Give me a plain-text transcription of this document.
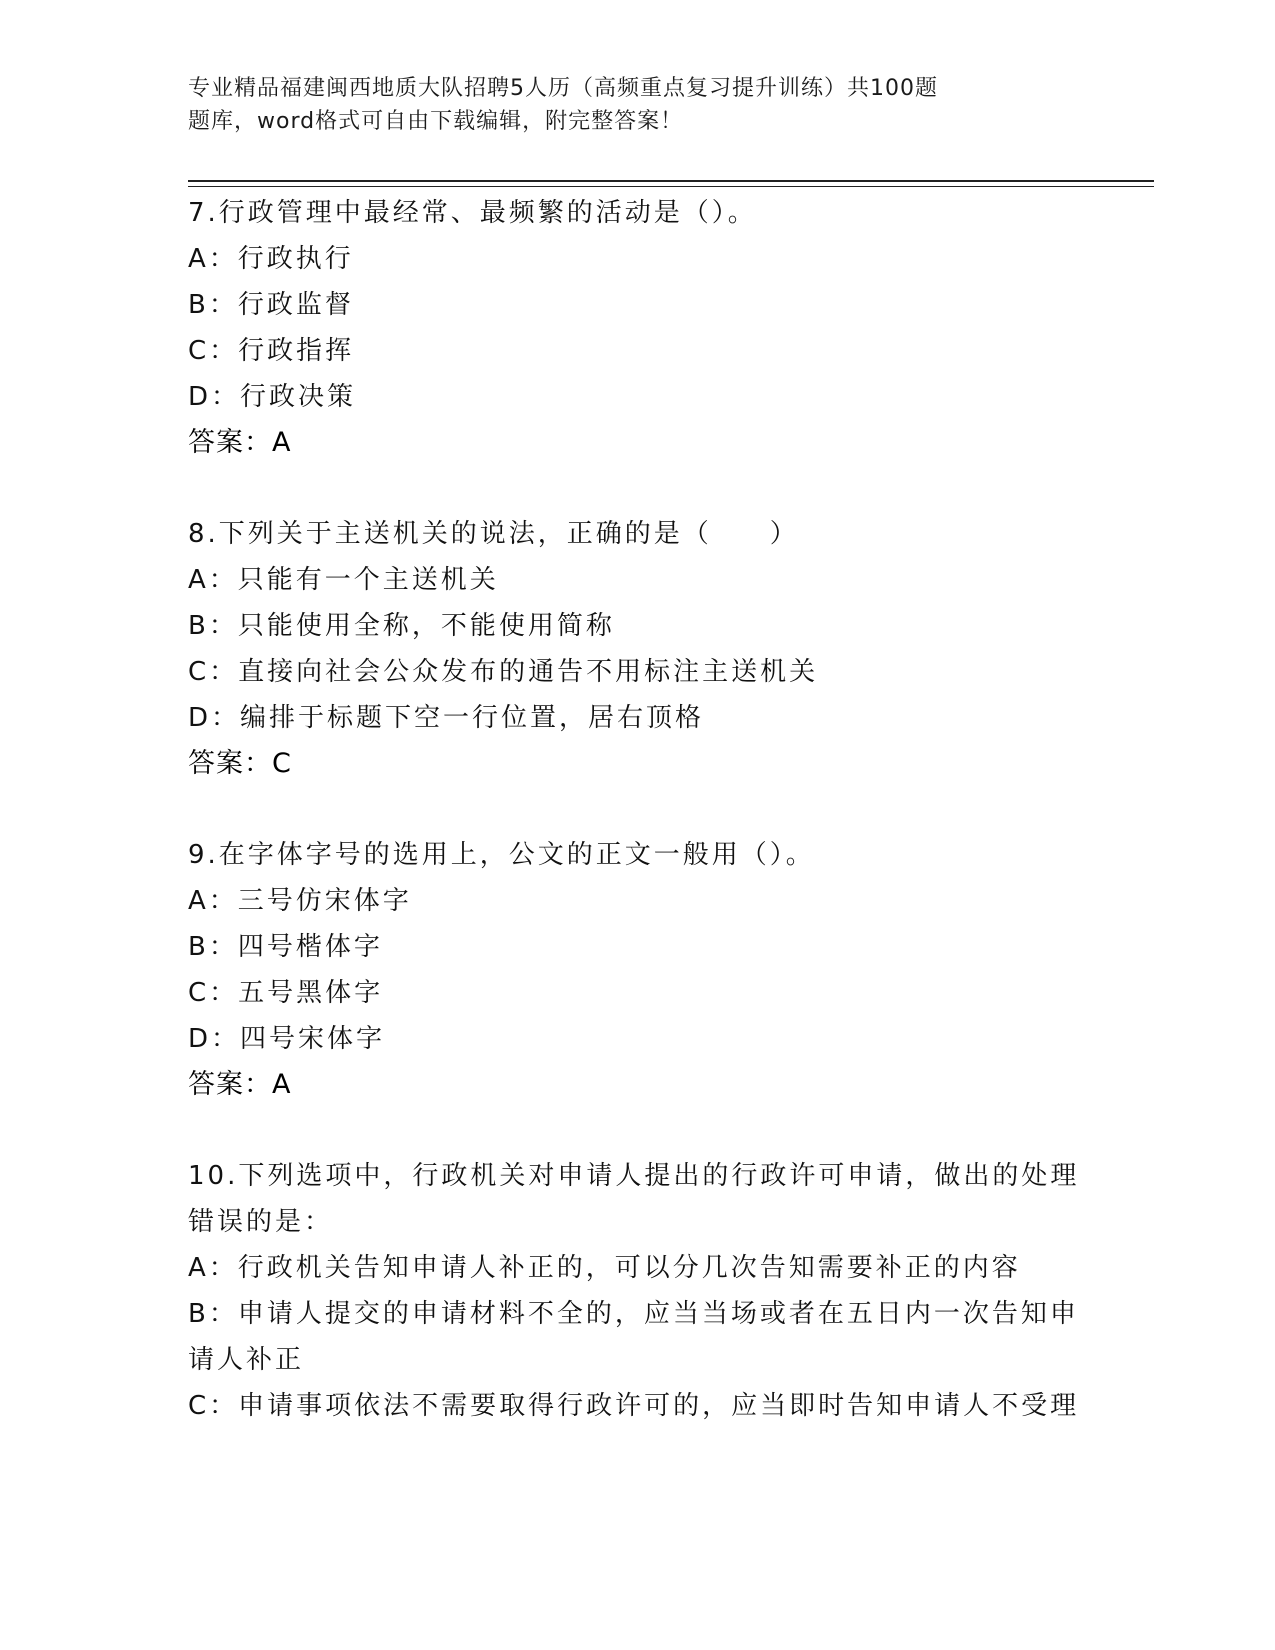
专业精品福建闽西地质大队招聘5人历（高频重点复习提升训练）共100题
题库，word格式可自由下载编辑，附完整答案！
7.行政管理中最经常、最频繁的活动是（）。
A：行政执行
B：行政监督
C：行政指挥
D：行政决策
答案：A
8.下列关于主送机关的说法，正确的是（　　）
A：只能有一个主送机关
B：只能使用全称，不能使用简称
C：直接向社会公众发布的通告不用标注主送机关
D：编排于标题下空一行位置，居右顶格
答案：C
9.在字体字号的选用上，公文的正文一般用（）。
A：三号仿宋体字
B：四号楷体字
C：五号黑体字
D：四号宋体字
答案：A
10.下列选项中，行政机关对申请人提出的行政许可申请，做出的处理
错误的是：
A：行政机关告知申请人补正的，可以分几次告知需要补正的内容
B：申请人提交的申请材料不全的，应当当场或者在五日内一次告知申
请人补正
C：申请事项依法不需要取得行政许可的，应当即时告知申请人不受理
